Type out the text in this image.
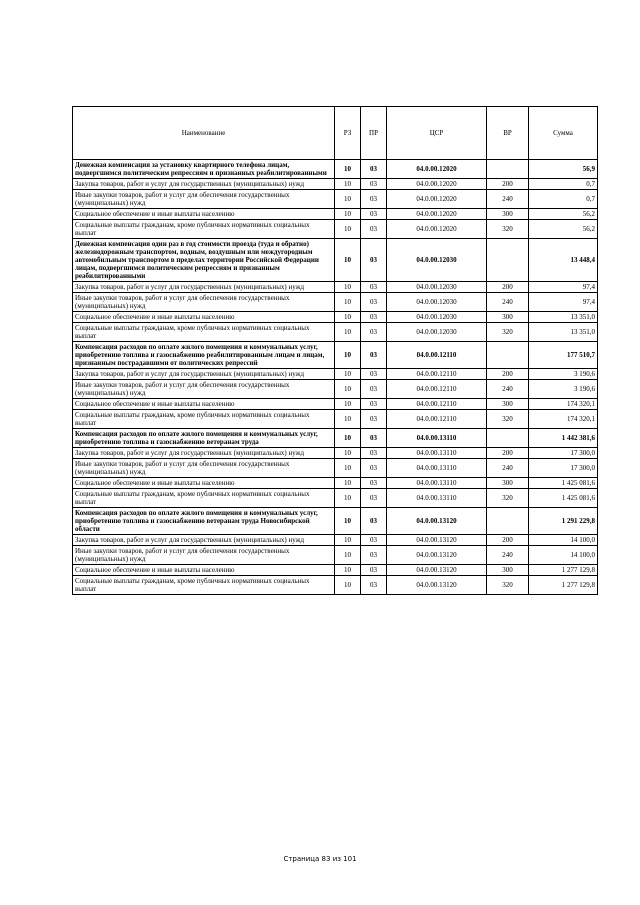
Наименование	РЗ	ПР	ЦСР	ВР	Сумма
Денежная компенсация за установку квартирного телефона лицам, подвергшимся политическим репрессиям и признанных реабилитированными	10	03	04.0.00.12020		56,9
Закупка товаров, работ и услуг для государственных (муниципальных) нужд	10	03	04.0.00.12020	200	0,7
Иные закупки товаров, работ и услуг для обеспечения государственных (муниципальных) нужд	10	03	04.0.00.12020	240	0,7
Социальное обеспечение и иные выплаты населению	10	03	04.0.00.12020	300	56,2
Социальные выплаты гражданам, кроме публичных нормативных социальных выплат	10	03	04.0.00.12020	320	56,2
Денежная компенсация один раз в год стоимости проезда (туда и обратно) железнодорожным транспортом, водным, воздушным или междугородным автомобильным транспортом в пределах территории Российской Федерации лицам, подвергшимся политическим репрессиям и признанным реабилитированными	10	03	04.0.00.12030		13 448,4
Закупка товаров, работ и услуг для государственных (муниципальных) нужд	10	03	04.0.00.12030	200	97,4
Иные закупки товаров, работ и услуг для обеспечения государственных (муниципальных) нужд	10	03	04.0.00.12030	240	97,4
Социальное обеспечение и иные выплаты населению	10	03	04.0.00.12030	300	13 351,0
Социальные выплаты гражданам, кроме публичных нормативных социальных выплат	10	03	04.0.00.12030	320	13 351,0
Компенсация расходов по оплате жилого помещения и коммунальных услуг, приобретению топлива и газоснабжению реабилитированным лицам и лицам, признанным пострадавшими от политических репрессий	10	03	04.0.00.12110		177 510,7
Закупка товаров, работ и услуг для государственных (муниципальных) нужд	10	03	04.0.00.12110	200	3 190,6
Иные закупки товаров, работ и услуг для обеспечения государственных (муниципальных) нужд	10	03	04.0.00.12110	240	3 190,6
Социальное обеспечение и иные выплаты населению	10	03	04.0.00.12110	300	174 320,1
Социальные выплаты гражданам, кроме публичных нормативных социальных выплат	10	03	04.0.00.12110	320	174 320,1
Компенсация расходов по оплате жилого помещения и коммунальных услуг, приобретению топлива и газоснабжению ветеранам труда	10	03	04.0.00.13110		1 442 381,6
Закупка товаров, работ и услуг для государственных (муниципальных) нужд	10	03	04.0.00.13110	200	17 300,0
Иные закупки товаров, работ и услуг для обеспечения государственных (муниципальных) нужд	10	03	04.0.00.13110	240	17 300,0
Социальное обеспечение и иные выплаты населению	10	03	04.0.00.13110	300	1 425 081,6
Социальные выплаты гражданам, кроме публичных нормативных социальных выплат	10	03	04.0.00.13110	320	1 425 081,6
Компенсация расходов по оплате жилого помещения и коммунальных услуг, приобретению топлива и газоснабжению ветеранам труда Новосибирской области	10	03	04.0.00.13120		1 291 229,8
Закупка товаров, работ и услуг для государственных (муниципальных) нужд	10	03	04.0.00.13120	200	14 100,0
Иные закупки товаров, работ и услуг для обеспечения государственных (муниципальных) нужд	10	03	04.0.00.13120	240	14 100,0
Социальное обеспечение и иные выплаты населению	10	03	04.0.00.13120	300	1 277 129,8
Социальные выплаты гражданам, кроме публичных нормативных социальных выплат	10	03	04.0.00.13120	320	1 277 129,8
Страница 83 из 101
